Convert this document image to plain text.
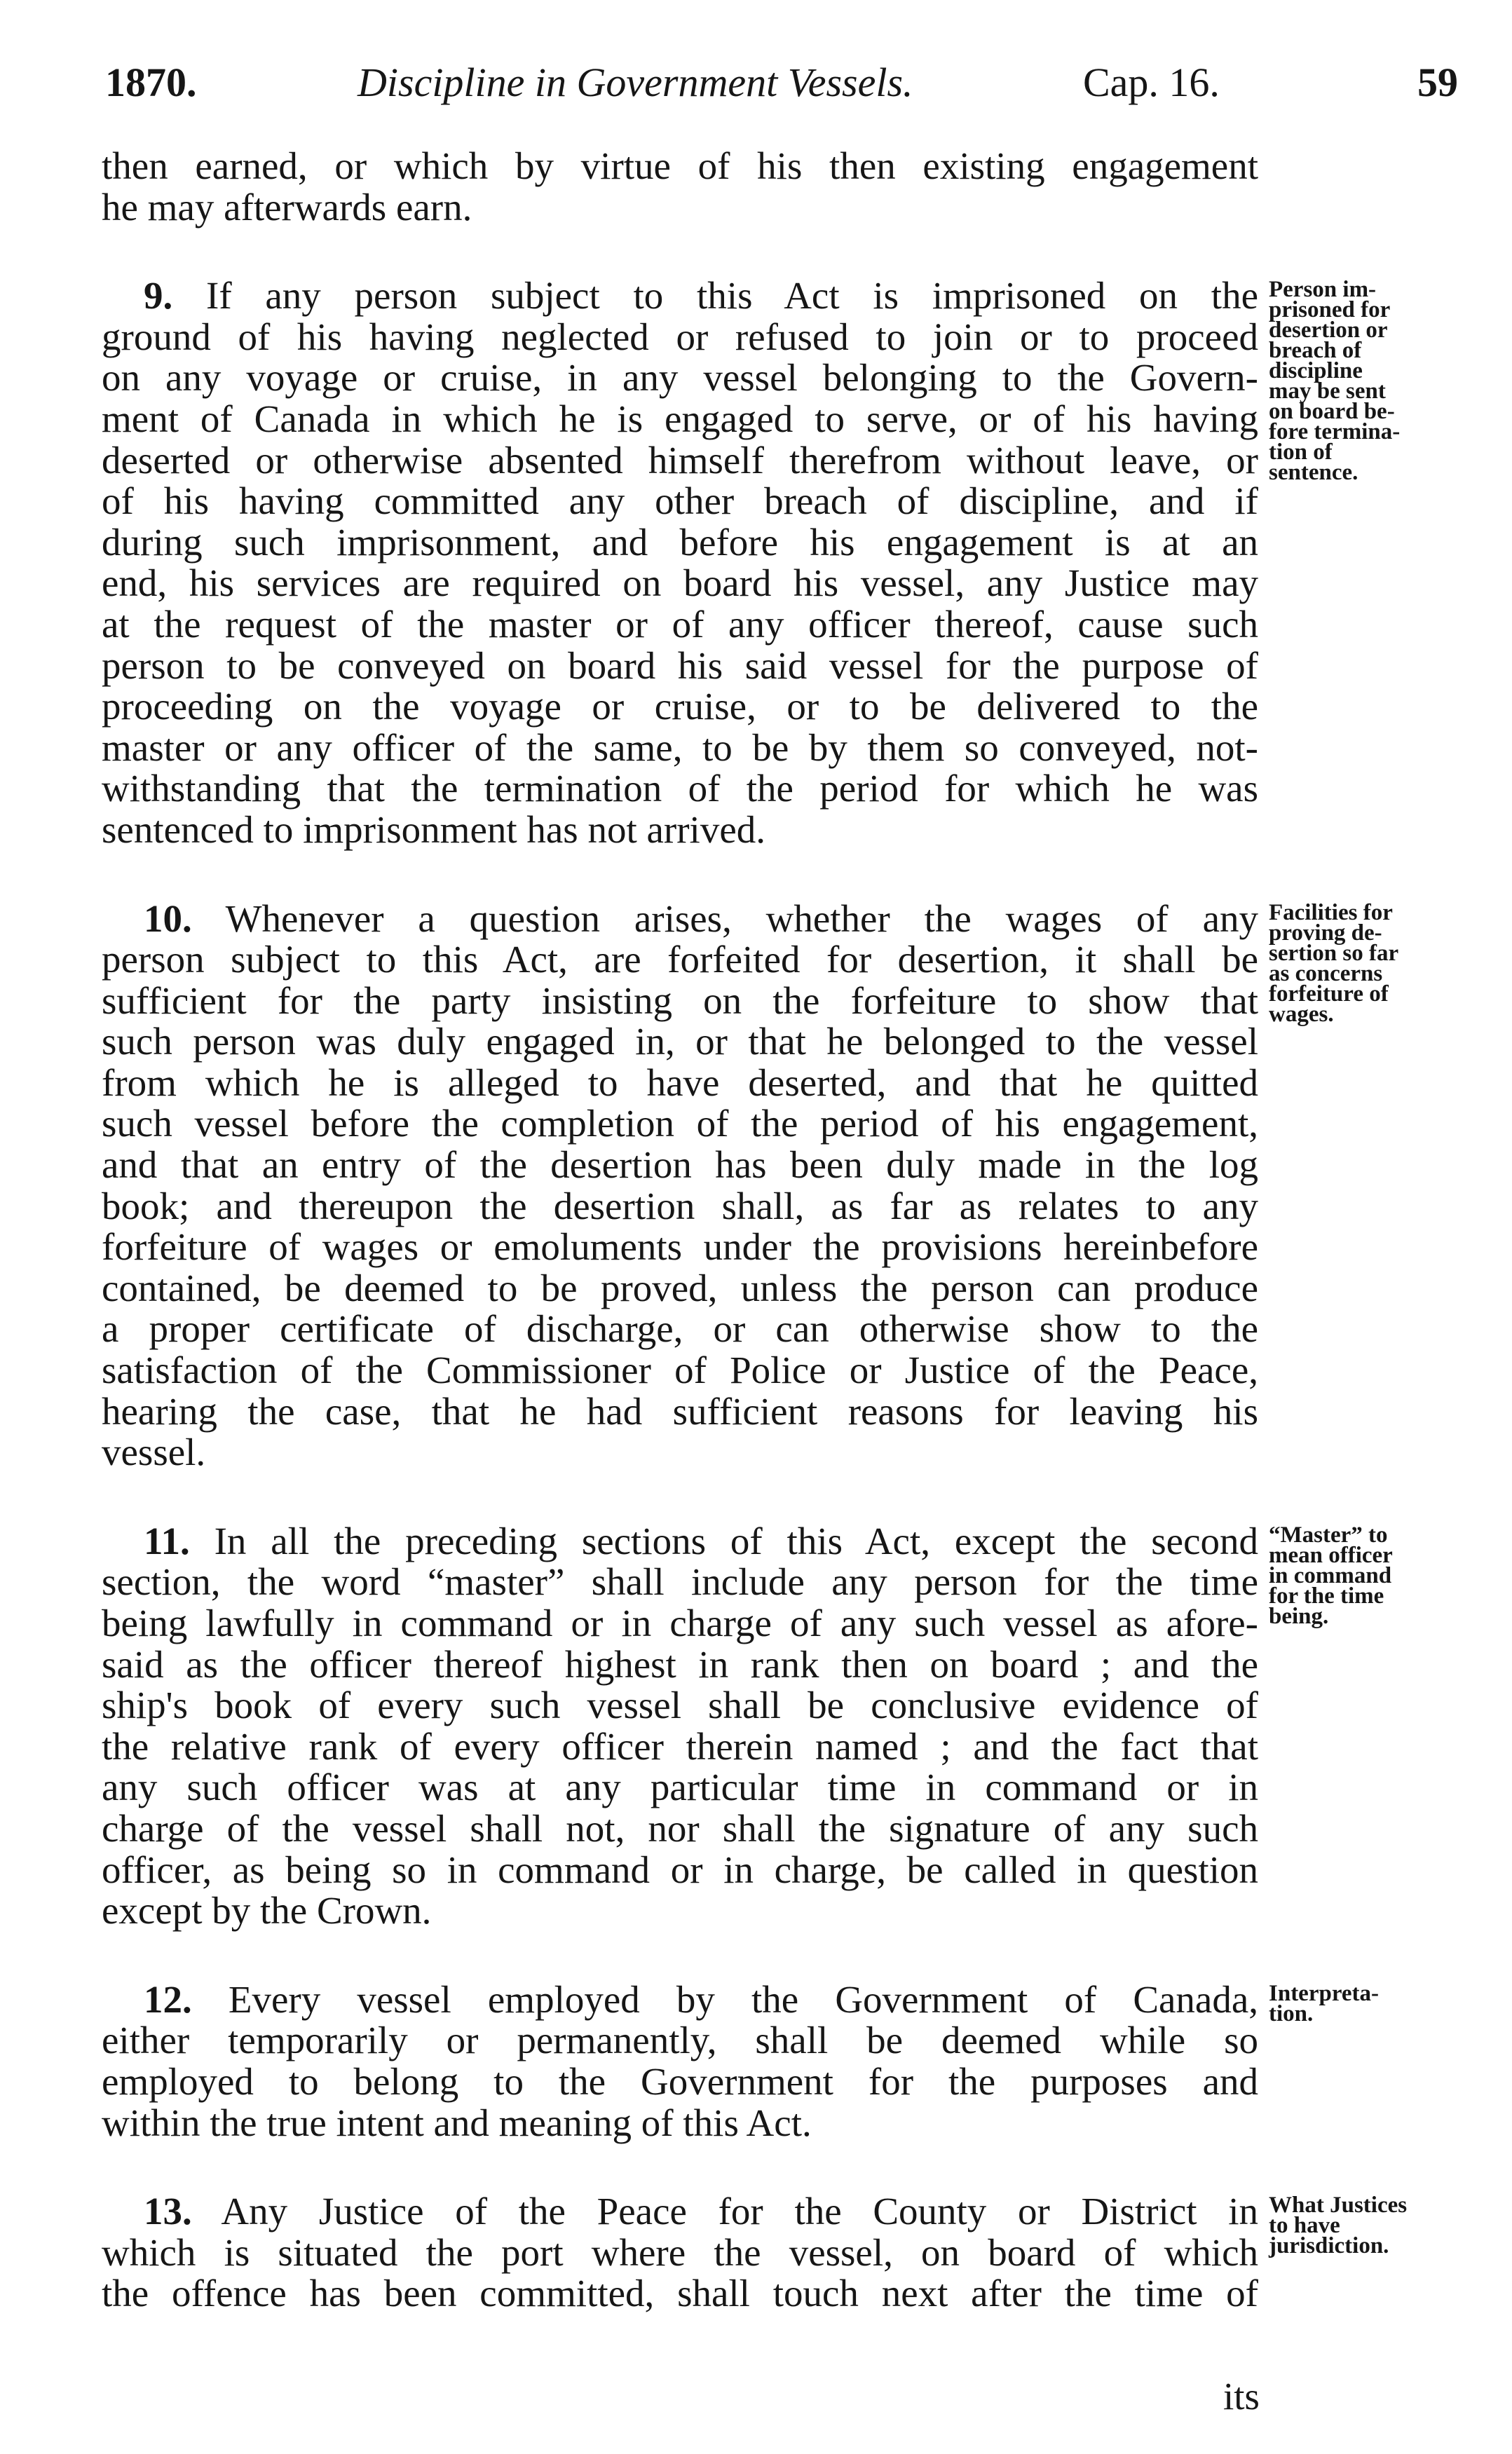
1870.	Discipline in Government Vessels.	Cap. 16.	59

then earned, or which by virtue of his then existing engagement
he may afterwards earn.

9. If any person subject to this Act is imprisoned on the
ground of his having neglected or refused to join or to proceed
on any voyage or cruise, in any vessel belonging to the Govern-
ment of Canada in which he is engaged to serve, or of his having
deserted or otherwise absented himself therefrom without leave, or
of his having committed any other breach of discipline, and if
during such imprisonment, and before his engagement is at an
end, his services are required on board his vessel, any Justice may
at the request of the master or of any officer thereof, cause such
person to be conveyed on board his said vessel for the purpose of
proceeding on the voyage or cruise, or to be delivered to the
master or any officer of the same, to be by them so conveyed, not-
withstanding that the termination of the period for which he was
sentenced to imprisonment has not arrived.

10. Whenever a question arises, whether the wages of any
person subject to this Act, are forfeited for desertion, it shall be
sufficient for the party insisting on the forfeiture to show that
such person was duly engaged in, or that he belonged to the vessel
from which he is alleged to have deserted, and that he quitted
such vessel before the completion of the period of his engagement,
and that an entry of the desertion has been duly made in the log
book; and thereupon the desertion shall, as far as relates to any
forfeiture of wages or emoluments under the provisions hereinbefore
contained, be deemed to be proved, unless the person can produce
a proper certificate of discharge, or can otherwise show to the
satisfaction of the Commissioner of Police or Justice of the Peace,
hearing the case, that he had sufficient reasons for leaving his
vessel.

11. In all the preceding sections of this Act, except the second
section, the word “master” shall include any person for the time
being lawfully in command or in charge of any such vessel as afore-
said as the officer thereof highest in rank then on board ; and the
ship's book of every such vessel shall be conclusive evidence of
the relative rank of every officer therein named ; and the fact that
any such officer was at any particular time in command or in
charge of the vessel shall not, nor shall the signature of any such
officer, as being so in command or in charge, be called in question
except by the Crown.

12. Every vessel employed by the Government of Canada,
either temporarily or permanently, shall be deemed while so
employed to belong to the Government for the purposes and
within the true intent and meaning of this Act.

13. Any Justice of the Peace for the County or District in
which is situated the port where the vessel, on board of which
the offence has been committed, shall touch next after the time of

Person im-
prisoned for
desertion or
breach of
discipline
may be sent
on board be-
fore termina-
tion of
sentence.
Facilities for
proving de-
sertion so far
as concerns
forfeiture of
wages.
“Master” to
mean officer
in command
for the time
being.
Interpreta-
tion.
What Justices
to have
jurisdiction.
its
